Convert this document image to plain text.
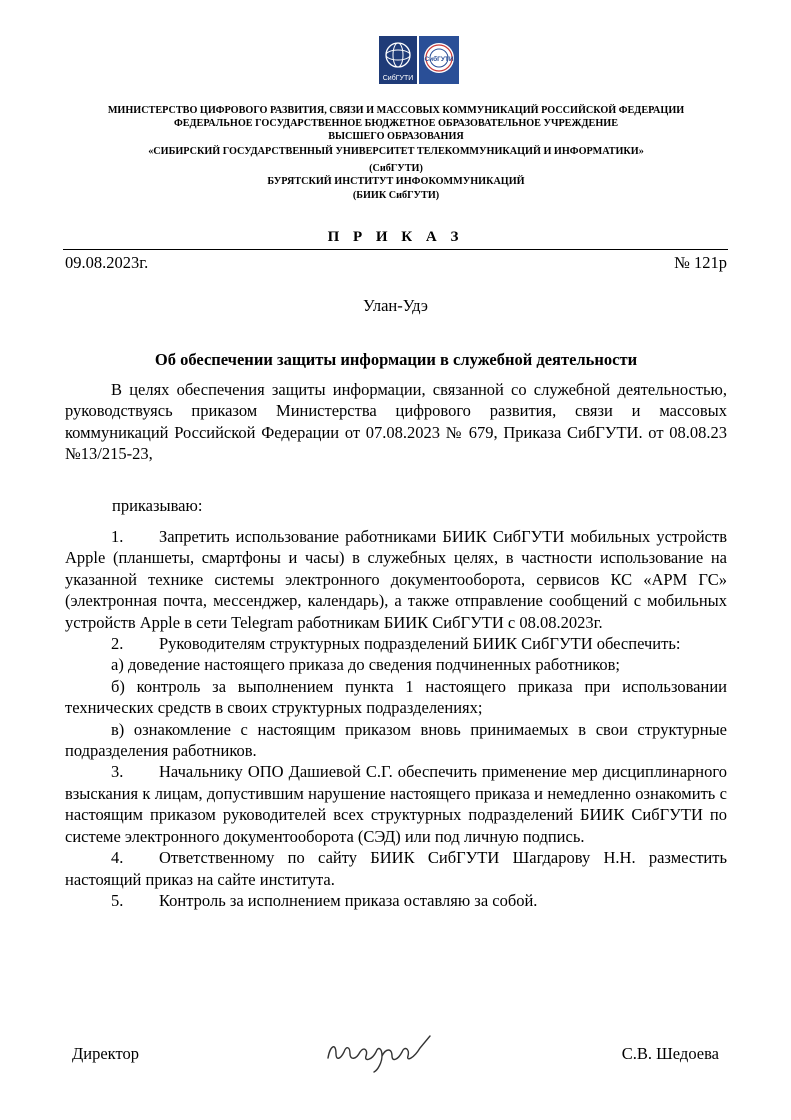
СибГУТИ
СибГУТИ
МИНИСТЕРСТВО ЦИФРОВОГО РАЗВИТИЯ, СВЯЗИ И МАССОВЫХ КОММУНИКАЦИЙ РОССИЙСКОЙ ФЕДЕРАЦИИ
ФЕДЕРАЛЬНОЕ ГОСУДАРСТВЕННОЕ БЮДЖЕТНОЕ ОБРАЗОВАТЕЛЬНОЕ УЧРЕЖДЕНИЕ
ВЫСШЕГО ОБРАЗОВАНИЯ
«СИБИРСКИЙ ГОСУДАРСТВЕННЫЙ УНИВЕРСИТЕТ ТЕЛЕКОММУНИКАЦИЙ И ИНФОРМАТИКИ»
(СибГУТИ)
БУРЯТСКИЙ ИНСТИТУТ ИНФОКОММУНИКАЦИЙ
(БИИК СибГУТИ)
П Р И К А З
09.08.2023г.	№ 121р
Улан-Удэ
Об обеспечении защиты информации в служебной деятельности
В целях обеспечения защиты информации, связанной со служебной деятельностью, руководствуясь приказом Министерства цифрового развития, связи и массовых коммуникаций Российской Федерации от 07.08.2023 № 679, Приказа СибГУТИ. от 08.08.23 №13/215-23,
приказываю:

1. Запретить использование работниками БИИК СибГУТИ мобильных устройств Apple (планшеты, смартфоны и часы) в служебных целях, в частности использование на указанной технике системы электронного документооборота, сервисов КС «АРМ ГС» (электронная почта, мессенджер, календарь), а также отправление сообщений с мобильных устройств Apple в сети Telegram работникам БИИК СибГУТИ с 08.08.2023г.

2. Руководителям структурных подразделений БИИК СибГУТИ обеспечить:

а) доведение настоящего приказа до сведения подчиненных работников;

б) контроль за выполнением пункта 1 настоящего приказа при использовании технических средств в своих структурных подразделениях;

в) ознакомление с настоящим приказом вновь принимаемых в свои структурные подразделения работников.

3. Начальнику ОПО Дашиевой С.Г. обеспечить применение мер дисциплинарного взыскания к лицам, допустившим нарушение настоящего приказа и немедленно ознакомить с настоящим приказом руководителей всех структурных подразделений БИИК СибГУТИ по системе электронного документооборота (СЭД) или под личную подпись.

4. Ответственному по сайту БИИК СибГУТИ Шагдарову Н.Н. разместить настоящий приказ на сайте института.

5. Контроль за исполнением приказа оставляю за собой.

Директор	С.В. Шедоева
